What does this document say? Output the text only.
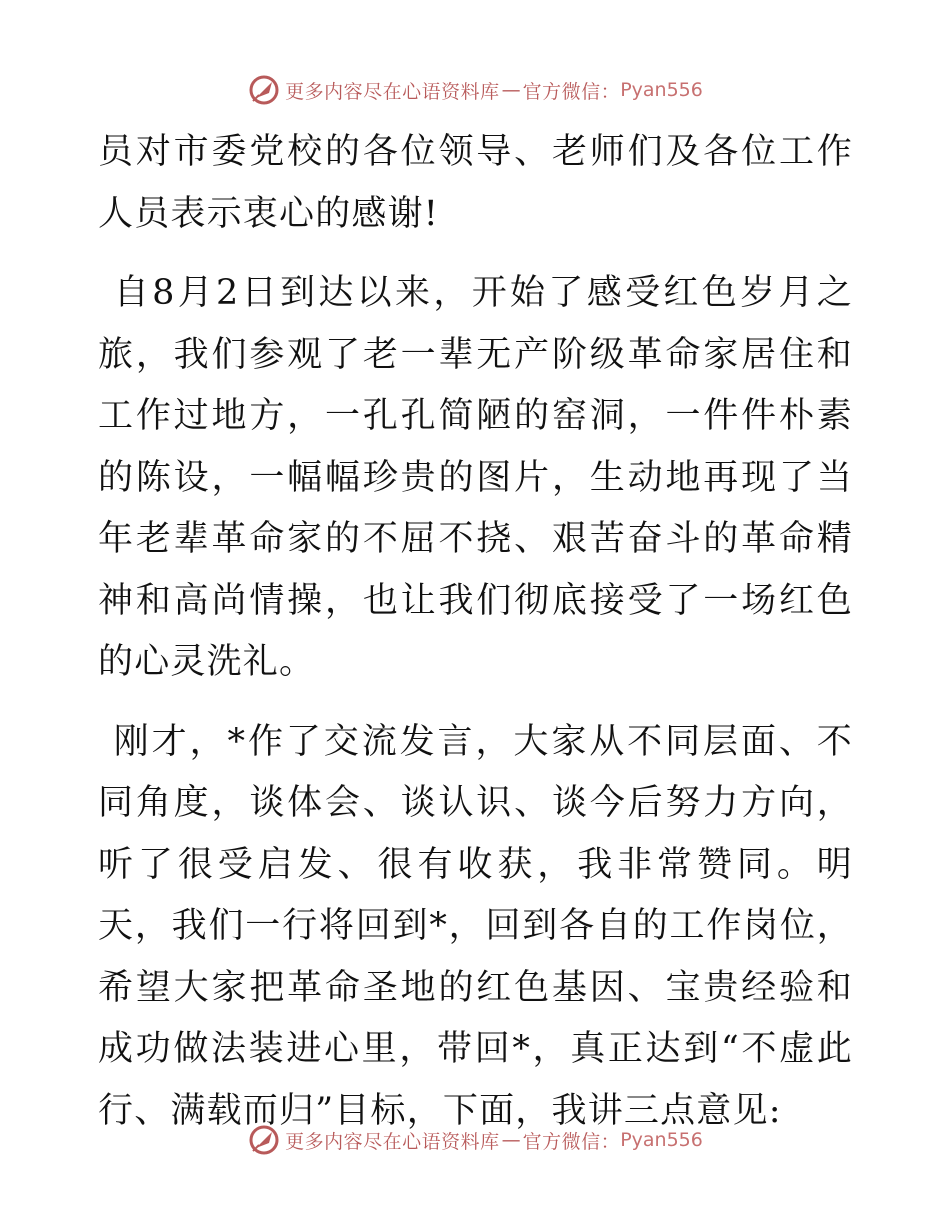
更多内容尽在心语资料库 — 官方微信： Pyan556

员对市委党校的各位领导、老师们及各位工作人员表示衷心的感谢!

自8月2日到达以来，开始了感受红色岁月之旅，我们参观了老一辈无产阶级革命家居住和工作过地方，一孔孔简陋的窑洞，一件件朴素的陈设，一幅幅珍贵的图片，生动地再现了当年老辈革命家的不屈不挠、艰苦奋斗的革命精神和高尚情操，也让我们彻底接受了一场红色的心灵洗礼。

刚才，*作了交流发言，大家从不同层面、不同角度，谈体会、谈认识、谈今后努力方向，听了很受启发、很有收获，我非常赞同。明天，我们一行将回到*，回到各自的工作岗位，希望大家把革命圣地的红色基因、宝贵经验和成功做法装进心里，带回*，真正达到“不虚此行、满载而归”目标，下面，我讲三点意见:

更多内容尽在心语资料库 — 官方微信： Pyan556
